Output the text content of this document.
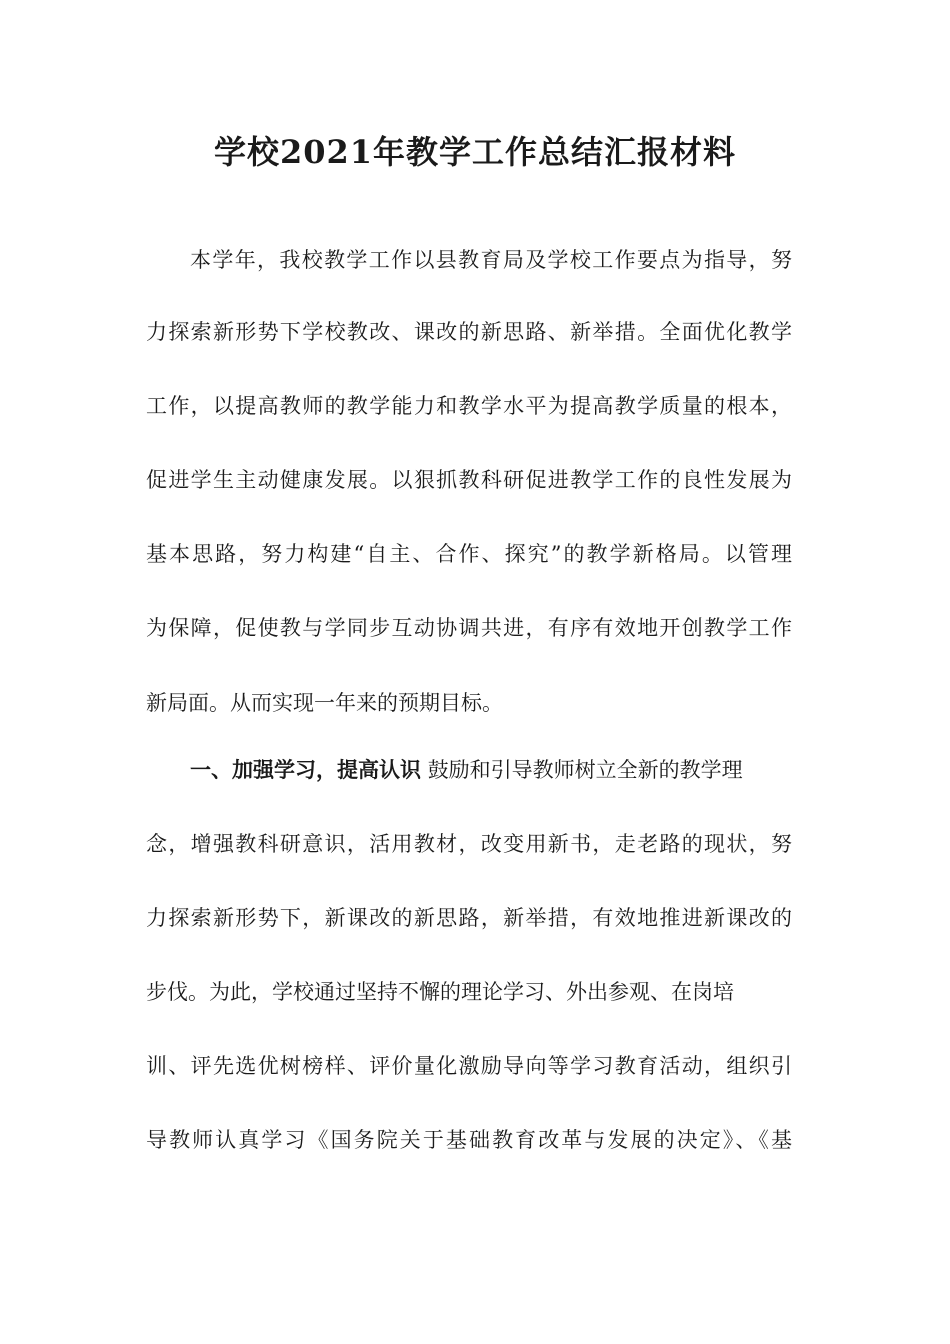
学校2021年教学工作总结汇报材料
本学年，我校教学工作以县教育局及学校工作要点为指导，努
力探索新形势下学校教改、课改的新思路、新举措。全面优化教学
工作，以提高教师的教学能力和教学水平为提高教学质量的根本，
促进学生主动健康发展。以狠抓教科研促进教学工作的良性发展为
基本思路，努力构建“自主、合作、探究”的教学新格局。以管理
为保障，促使教与学同步互动协调共进，有序有效地开创教学工作
新局面。从而实现一年来的预期目标。
一、加强学习，提高认识 鼓励和引导教师树立全新的教学理
念，增强教科研意识，活用教材，改变用新书，走老路的现状，努
力探索新形势下，新课改的新思路，新举措，有效地推进新课改的
步伐。为此，学校通过坚持不懈的理论学习、外出参观、在岗培
训、评先选优树榜样、评价量化激励导向等学习教育活动，组织引
导教师认真学习《国务院关于基础教育改革与发展的决定》、《基
